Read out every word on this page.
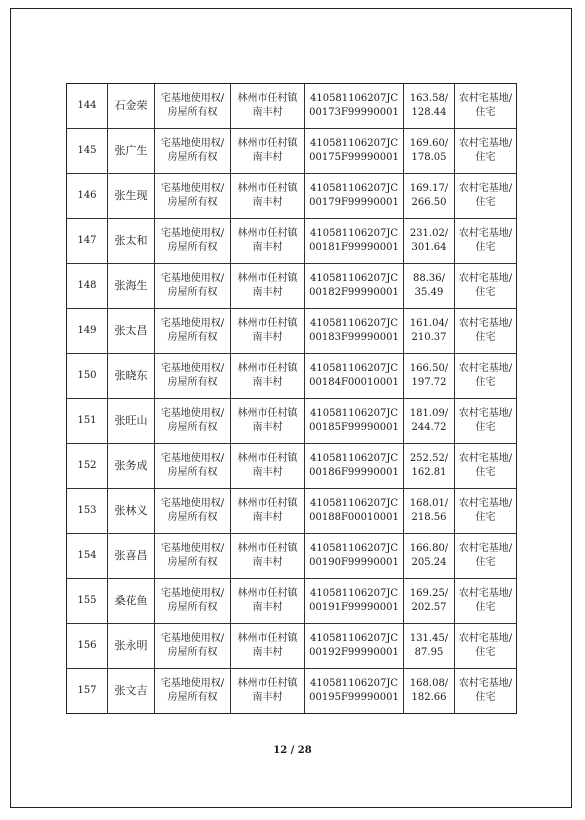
144	石金荣	宅基地使用权/
房屋所有权	林州市任村镇
南丰村	410581106207JC
00173F99990001	163.58/
128.44	农村宅基地/
住宅

145	张广生	宅基地使用权/
房屋所有权	林州市任村镇
南丰村	410581106207JC
00175F99990001	169.60/
178.05	农村宅基地/
住宅

146	张生现	宅基地使用权/
房屋所有权	林州市任村镇
南丰村	410581106207JC
00179F99990001	169.17/
266.50	农村宅基地/
住宅

147	张太和	宅基地使用权/
房屋所有权	林州市任村镇
南丰村	410581106207JC
00181F99990001	231.02/
301.64	农村宅基地/
住宅

148	张海生	宅基地使用权/
房屋所有权	林州市任村镇
南丰村	410581106207JC
00182F99990001	88.36/
35.49	农村宅基地/
住宅

149	张太昌	宅基地使用权/
房屋所有权	林州市任村镇
南丰村	410581106207JC
00183F99990001	161.04/
210.37	农村宅基地/
住宅

150	张晓东	宅基地使用权/
房屋所有权	林州市任村镇
南丰村	410581106207JC
00184F00010001	166.50/
197.72	农村宅基地/
住宅

151	张旺山	宅基地使用权/
房屋所有权	林州市任村镇
南丰村	410581106207JC
00185F99990001	181.09/
244.72	农村宅基地/
住宅

152	张务成	宅基地使用权/
房屋所有权	林州市任村镇
南丰村	410581106207JC
00186F99990001	252.52/
162.81	农村宅基地/
住宅

153	张林义	宅基地使用权/
房屋所有权	林州市任村镇
南丰村	410581106207JC
00188F00010001	168.01/
218.56	农村宅基地/
住宅

154	张喜昌	宅基地使用权/
房屋所有权	林州市任村镇
南丰村	410581106207JC
00190F99990001	166.80/
205.24	农村宅基地/
住宅

155	桑花鱼	宅基地使用权/
房屋所有权	林州市任村镇
南丰村	410581106207JC
00191F99990001	169.25/
202.57	农村宅基地/
住宅

156	张永明	宅基地使用权/
房屋所有权	林州市任村镇
南丰村	410581106207JC
00192F99990001	131.45/
87.95	农村宅基地/
住宅

157	张文吉	宅基地使用权/
房屋所有权	林州市任村镇
南丰村	410581106207JC
00195F99990001	168.08/
182.66	农村宅基地/
住宅
12 / 28
